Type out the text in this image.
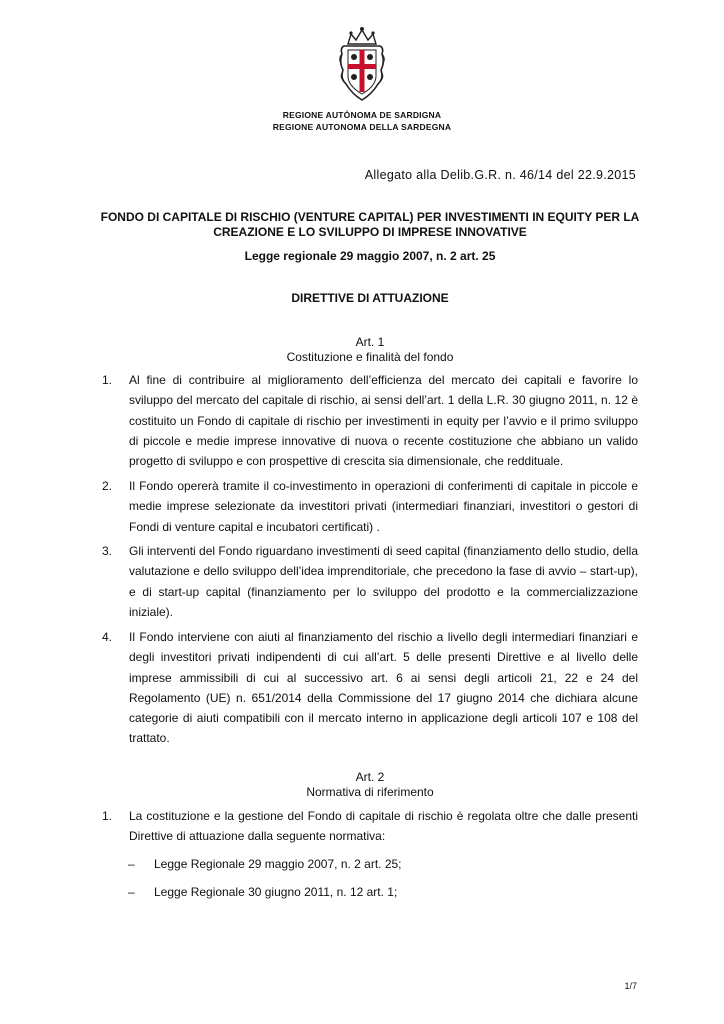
REGIONE AUTÒNOMA DE SARDIGNA
REGIONE AUTONOMA DELLA SARDEGNA
Allegato alla Delib.G.R. n. 46/14 del 22.9.2015
FONDO DI CAPITALE DI RISCHIO (VENTURE CAPITAL) PER INVESTIMENTI IN EQUITY PER LA CREAZIONE E LO SVILUPPO DI IMPRESE INNOVATIVE
Legge regionale 29 maggio 2007, n. 2 art. 25
DIRETTIVE DI ATTUAZIONE
Art. 1
Costituzione e finalità del fondo
1.	Al fine di contribuire al miglioramento dell’efficienza del mercato dei capitali e favorire lo sviluppo del mercato del capitale di rischio, ai sensi dell’art. 1 della L.R. 30 giugno 2011, n. 12 è costituito un Fondo di capitale di rischio per investimenti in equity per l’avvio e il primo sviluppo di piccole e medie imprese innovative di nuova o recente costituzione che abbiano un valido progetto di sviluppo e con prospettive di crescita sia dimensionale, che reddituale.
2.	Il Fondo opererà tramite il co-investimento in operazioni di conferimenti di capitale in piccole e medie imprese selezionate da investitori privati (intermediari finanziari, investitori o gestori di Fondi di venture capital e incubatori certificati) .
3.	Gli interventi del Fondo riguardano investimenti di seed capital (finanziamento dello studio, della valutazione e dello sviluppo dell’idea imprenditoriale, che precedono la fase di avvio – start-up), e di start-up capital (finanziamento per lo sviluppo del prodotto e la commercializzazione iniziale).
4.	Il Fondo interviene con aiuti al finanziamento del rischio a livello degli intermediari finanziari e degli investitori privati indipendenti di cui all’art. 5 delle presenti Direttive e al livello delle imprese ammissibili di cui al successivo art. 6 ai sensi degli articoli 21, 22 e 24 del Regolamento (UE) n. 651/2014 della Commissione del 17 giugno 2014 che dichiara alcune categorie di aiuti compatibili con il mercato interno in applicazione degli articoli 107 e 108 del trattato.
Art. 2
Normativa di riferimento
1.	La costituzione e la gestione del Fondo di capitale di rischio è regolata oltre che dalle presenti Direttive di attuazione dalla seguente normativa:
– Legge Regionale 29 maggio 2007, n. 2 art. 25;
– Legge Regionale 30 giugno 2011, n. 12 art. 1;
1/7
